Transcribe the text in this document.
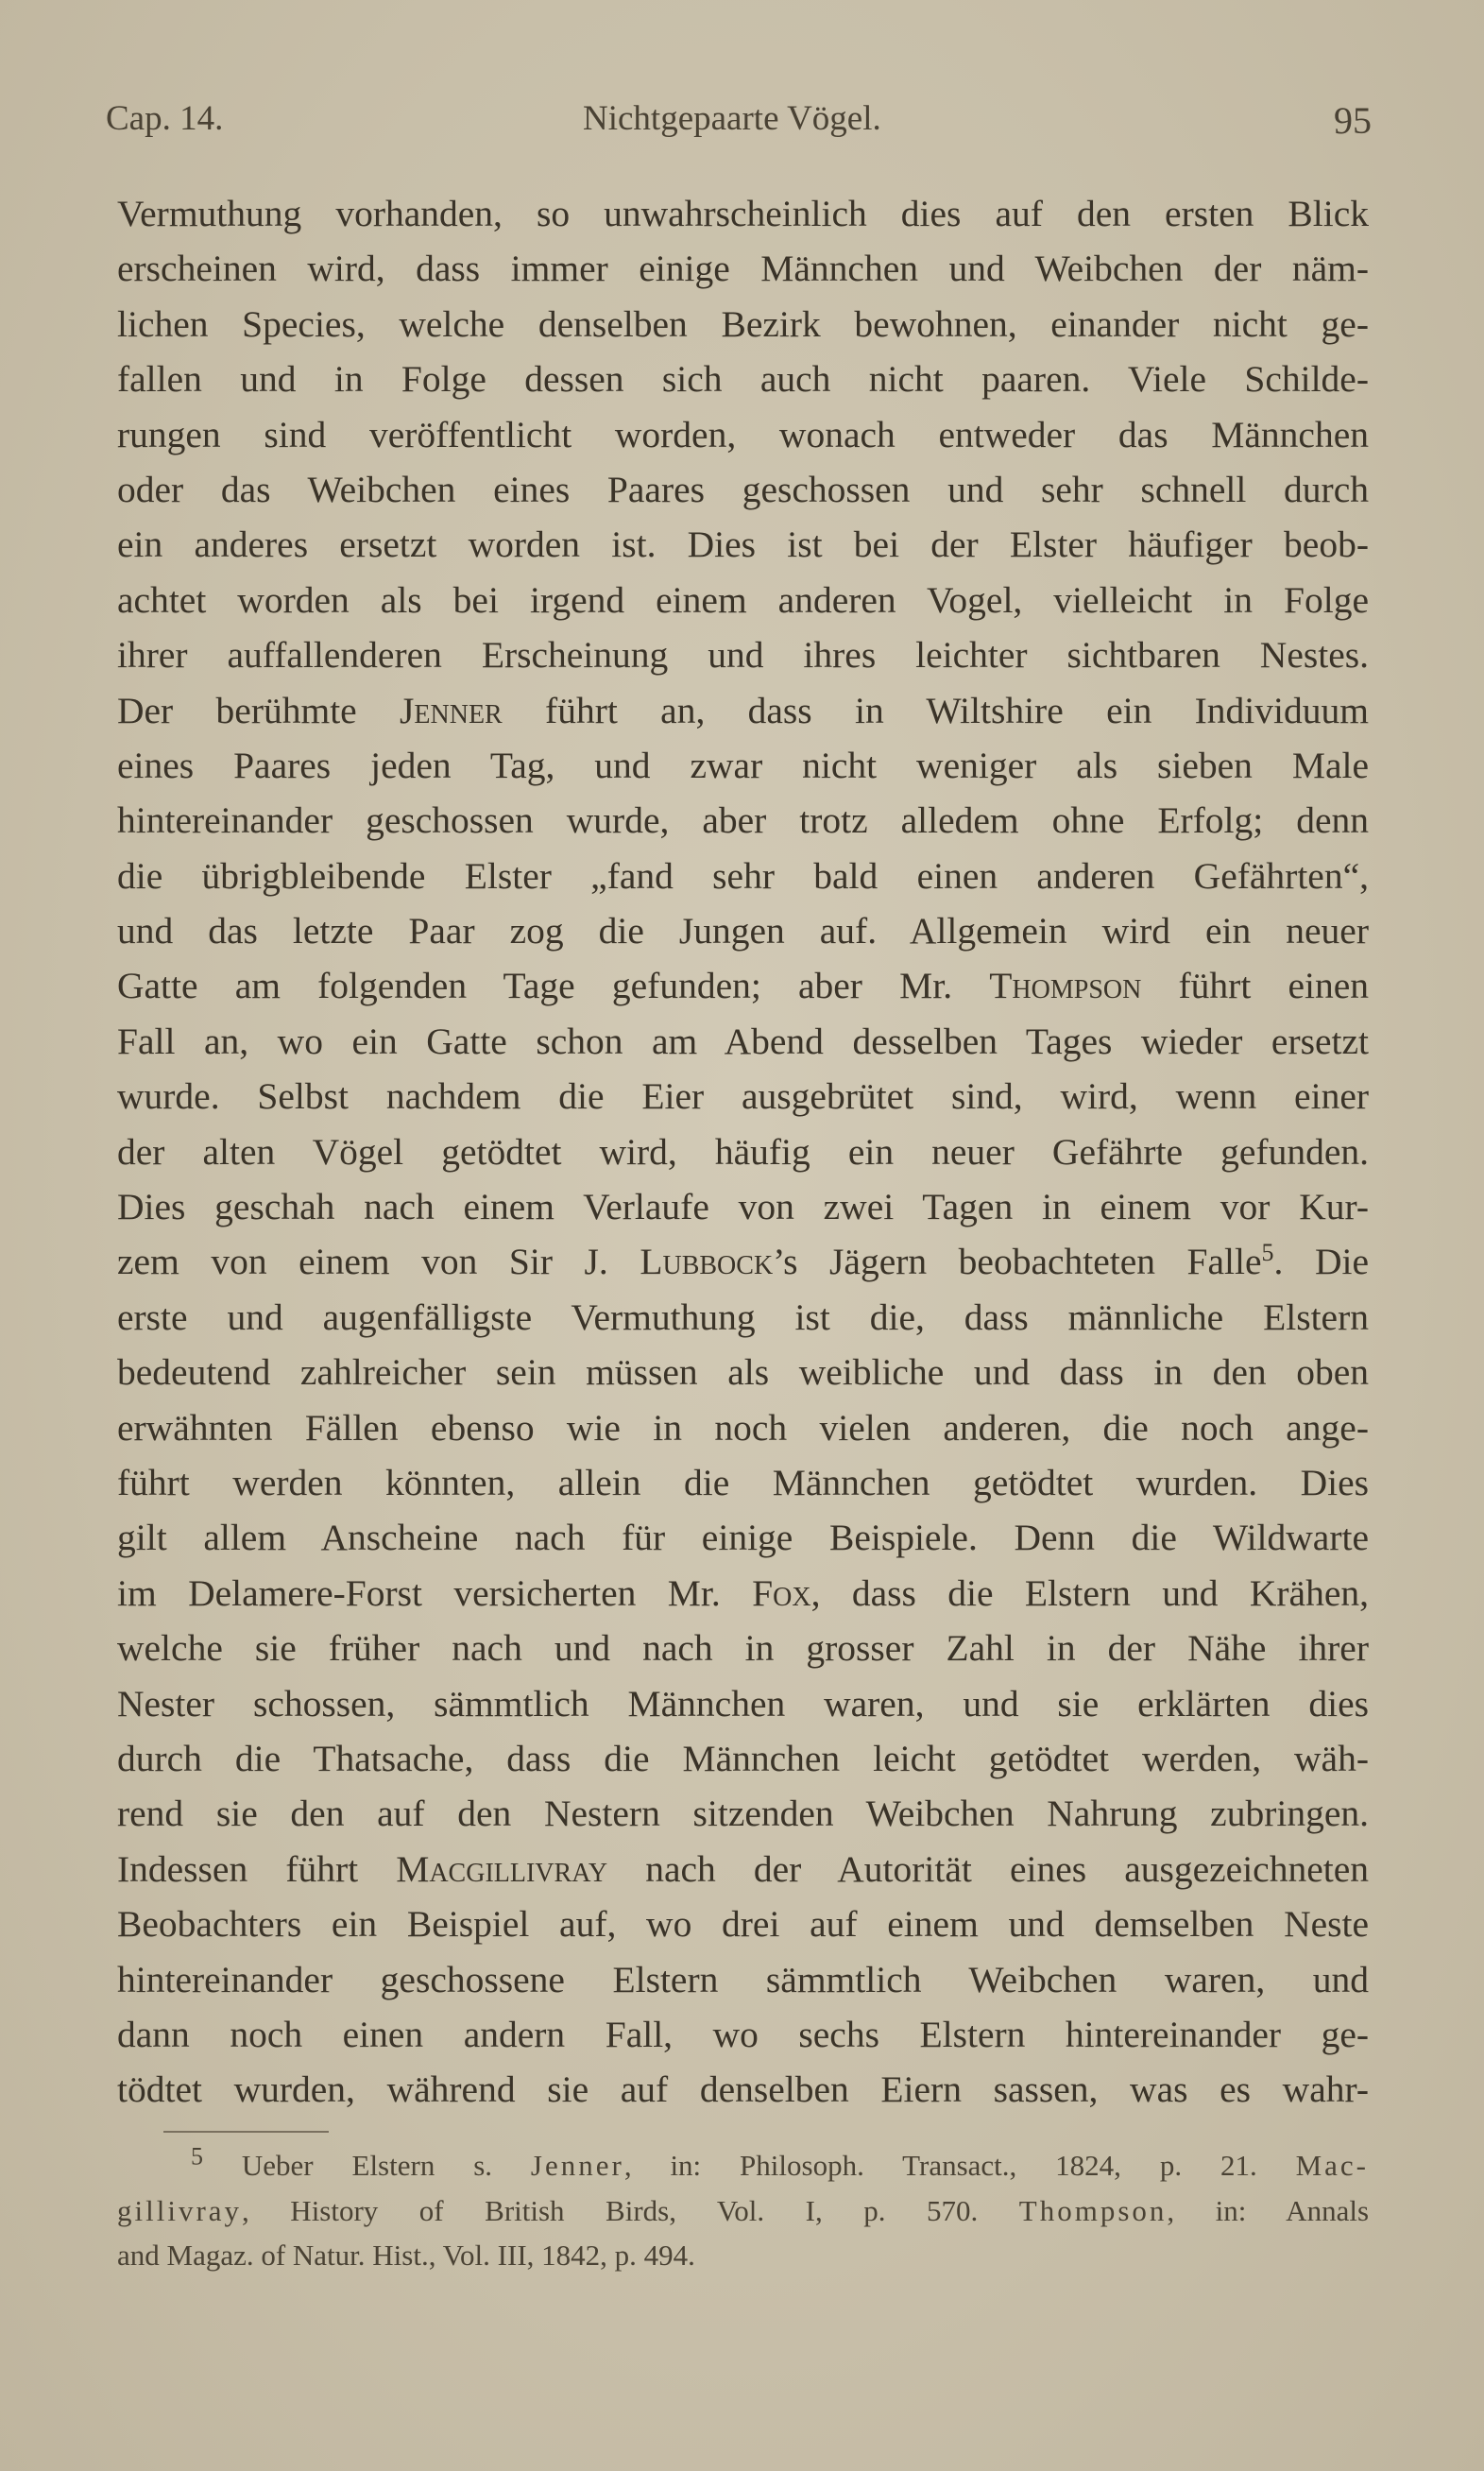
Cap. 14.	Nichtgepaarte Vögel.	95
Vermuthung vorhanden, so unwahrscheinlich dies auf den ersten Blick
erscheinen wird, dass immer einige Männchen und Weibchen der näm-
lichen Species, welche denselben Bezirk bewohnen, einander nicht ge-
fallen und in Folge dessen sich auch nicht paaren. Viele Schilde-
rungen sind veröffentlicht worden, wonach entweder das Männchen
oder das Weibchen eines Paares geschossen und sehr schnell durch
ein anderes ersetzt worden ist. Dies ist bei der Elster häufiger beob-
achtet worden als bei irgend einem anderen Vogel, vielleicht in Folge
ihrer auffallenderen Erscheinung und ihres leichter sichtbaren Nestes.
Der berühmte Jenner führt an, dass in Wiltshire ein Individuum
eines Paares jeden Tag, und zwar nicht weniger als sieben Male
hintereinander geschossen wurde, aber trotz alledem ohne Erfolg; denn
die übrigbleibende Elster „fand sehr bald einen anderen Gefährten“,
und das letzte Paar zog die Jungen auf. Allgemein wird ein neuer
Gatte am folgenden Tage gefunden; aber Mr. Thompson führt einen
Fall an, wo ein Gatte schon am Abend desselben Tages wieder ersetzt
wurde. Selbst nachdem die Eier ausgebrütet sind, wird, wenn einer
der alten Vögel getödtet wird, häufig ein neuer Gefährte gefunden.
Dies geschah nach einem Verlaufe von zwei Tagen in einem vor Kur-
zem von einem von Sir J. Lubbock’s Jägern beobachteten Falle$^5$. Die
erste und augenfälligste Vermuthung ist die, dass männliche Elstern
bedeutend zahlreicher sein müssen als weibliche und dass in den oben
erwähnten Fällen ebenso wie in noch vielen anderen, die noch ange-
führt werden könnten, allein die Männchen getödtet wurden. Dies
gilt allem Anscheine nach für einige Beispiele. Denn die Wildwarte
im Delamere-Forst versicherten Mr. Fox, dass die Elstern und Krähen,
welche sie früher nach und nach in grosser Zahl in der Nähe ihrer
Nester schossen, sämmtlich Männchen waren, und sie erklärten dies
durch die Thatsache, dass die Männchen leicht getödtet werden, wäh-
rend sie den auf den Nestern sitzenden Weibchen Nahrung zubringen.
Indessen führt Macgillivray nach der Autorität eines ausgezeichneten
Beobachters ein Beispiel auf, wo drei auf einem und demselben Neste
hintereinander geschossene Elstern sämmtlich Weibchen waren, und
dann noch einen andern Fall, wo sechs Elstern hintereinander ge-
tödtet wurden, während sie auf denselben Eiern sassen, was es wahr-
$^5$ Ueber Elstern s. Jenner, in: Philosoph. Transact., 1824, p. 21. Mac-
gillivray, History of British Birds, Vol. I, p. 570. Thompson, in: Annals
and Magaz. of Natur. Hist., Vol. III, 1842, p. 494.
